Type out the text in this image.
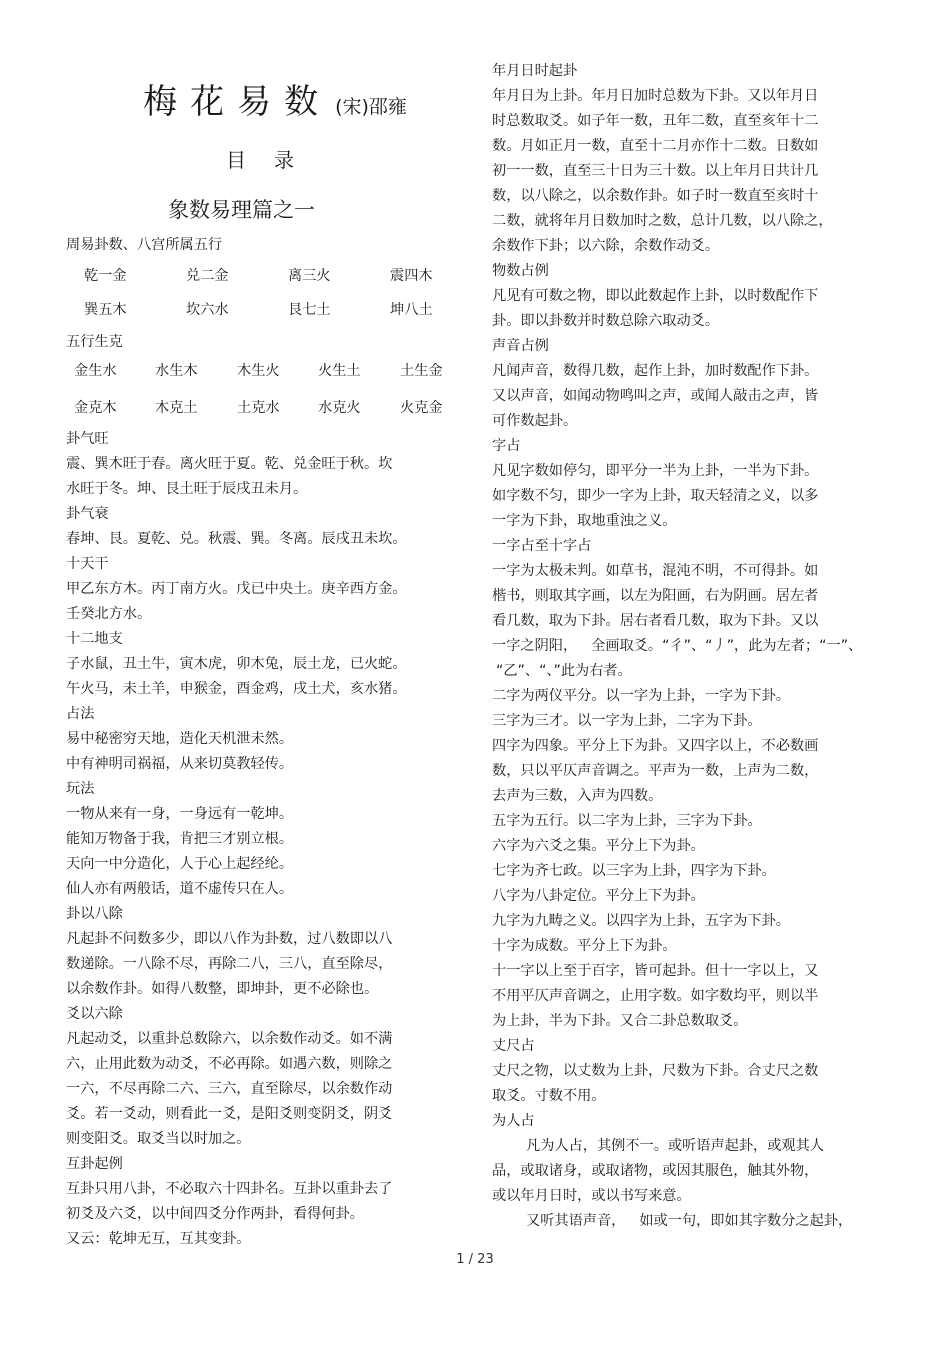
梅花易数 (宋)邵雍
目录
象数易理篇之一
周易卦数、八宫所属五行
乾一金	兑二金	离三火	震四木
巽五木	坎六水	艮七土	坤八土
五行生克
金生水	水生木	木生火	火生土	土生金
金克木	木克土	土克水	水克火	火克金
卦气旺
震、巽木旺于春。离火旺于夏。乾、兑金旺于秋。坎
水旺于冬。坤、艮土旺于辰戌丑未月。
卦气衰
春坤、艮。夏乾、兑。秋震、巽。冬离。辰戌丑未坎。
十天干
甲乙东方木。丙丁南方火。戊已中央土。庚辛西方金。
壬癸北方水。
十二地支
子水鼠，丑土牛，寅木虎，卯木兔，辰土龙，已火蛇。
午火马，未土羊，申猴金，酉金鸡，戌土犬，亥水猪。
占法
易中秘密穷天地，造化天机泄未然。
中有神明司祸福，从来切莫教轻传。
玩法
一物从来有一身，一身远有一乾坤。
能知万物备于我，肯把三才别立根。
天向一中分造化，人于心上起经纶。
仙人亦有两般话，道不虚传只在人。
卦以八除
凡起卦不问数多少，即以八作为卦数，过八数即以八
数递除。一八除不尽，再除二八，三八，直至除尽，
以余数作卦。如得八数整，即坤卦，更不必除也。
爻以六除
凡起动爻，以重卦总数除六，以余数作动爻。如不满
六，止用此数为动爻，不必再除。如遇六数，则除之
一六，不尽再除二六、三六，直至除尽，以余数作动
爻。若一爻动，则看此一爻，是阳爻则变阴爻，阴爻
则变阳爻。取爻当以时加之。
互卦起例
互卦只用八卦，不必取六十四卦名。互卦以重卦去了
初爻及六爻，以中间四爻分作两卦，看得何卦。
又云：乾坤无互，互其变卦。
年月日时起卦
年月日为上卦。年月日加时总数为下卦。又以年月日
时总数取爻。如子年一数，丑年二数，直至亥年十二
数。月如正月一数，直至十二月亦作十二数。日数如
初一一数，直至三十日为三十数。以上年月日共计几
数，以八除之，以余数作卦。如子时一数直至亥时十
二数，就将年月日数加时之数，总计几数，以八除之，
余数作下卦；以六除，余数作动爻。
物数占例
凡见有可数之物，即以此数起作上卦，以时数配作下
卦。即以卦数并时数总除六取动爻。
声音占例
凡闻声音，数得几数，起作上卦，加时数配作下卦。
又以声音，如闻动物鸣叫之声，或闻人敲击之声，皆
可作数起卦。
字占
凡见字数如停匀，即平分一半为上卦，一半为下卦。
如字数不匀，即少一字为上卦，取天轻清之义，以多
一字为下卦，取地重浊之义。
一字占至十字占
一字为太极未判。如草书，混沌不明，不可得卦。如
楷书，则取其字画，以左为阳画，右为阴画。居左者
看几数，取为下卦。居右者看几数，取为下卦。又以
一字之阴阳， 全画取爻。“彳”、“丿”，此为左者；“一”、
“乙”、“、”此为右者。
二字为两仪平分。以一字为上卦，一字为下卦。
三字为三才。以一字为上卦，二字为下卦。
四字为四象。平分上下为卦。又四字以上，不必数画
数，只以平仄声音调之。平声为一数，上声为二数，
去声为三数，入声为四数。
五字为五行。以二字为上卦，三字为下卦。
六字为六爻之集。平分上下为卦。
七字为齐七政。以三字为上卦，四字为下卦。
八字为八卦定位。平分上下为卦。
九字为九畴之义。以四字为上卦，五字为下卦。
十字为成数。平分上下为卦。
十一字以上至于百字，皆可起卦。但十一字以上，又
不用平仄声音调之，止用字数。如字数均平，则以半
为上卦，半为下卦。又合二卦总数取爻。
丈尺占
丈尺之物，以丈数为上卦，尺数为下卦。合丈尺之数
取爻。寸数不用。
为人占
凡为人占，其例不一。或听语声起卦，或观其人
品，或取诸身，或取诸物，或因其服色，触其外物，
或以年月日时，或以书写来意。
又听其语声音， 如或一句，即如其字数分之起卦，
1 / 23
